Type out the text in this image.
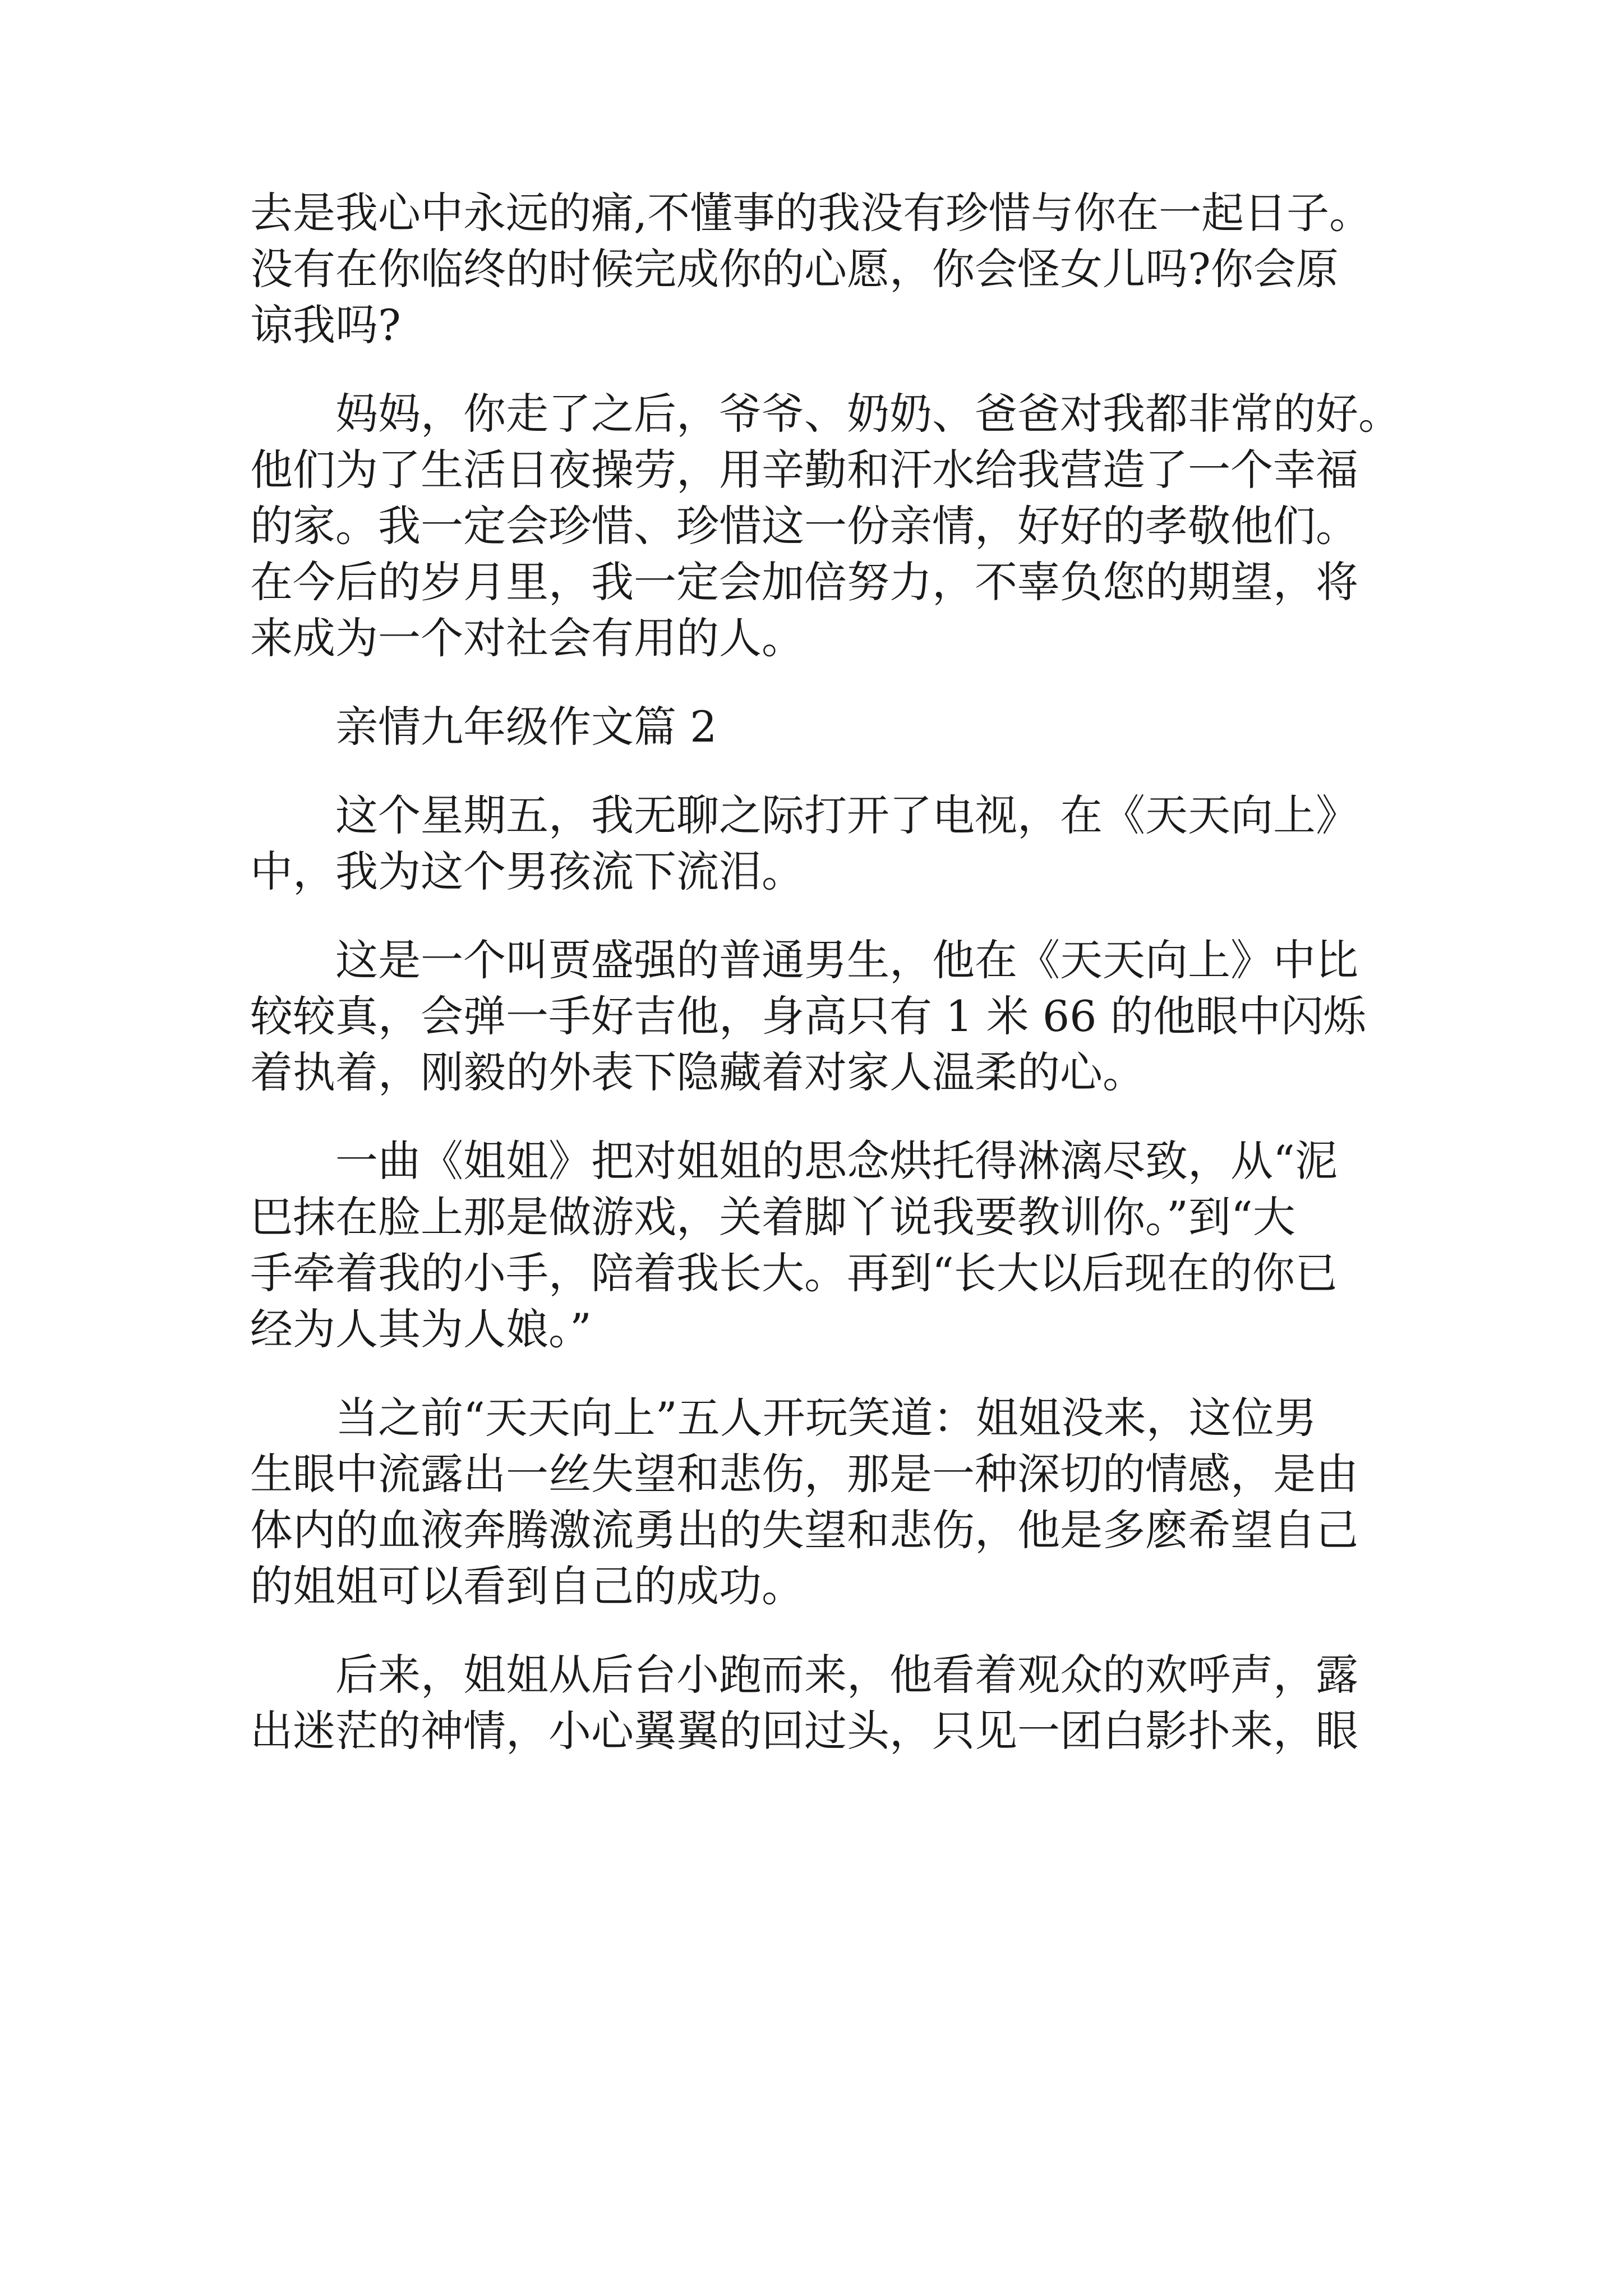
去是我心中永远的痛,不懂事的我没有珍惜与你在一起日子。
没有在你临终的时候完成你的心愿，你会怪女儿吗?你会原
谅我吗?
妈妈，你走了之后，爷爷、奶奶、爸爸对我都非常的好。
他们为了生活日夜操劳，用辛勤和汗水给我营造了一个幸福
的家。我一定会珍惜、珍惜这一份亲情，好好的孝敬他们。
在今后的岁月里，我一定会加倍努力，不辜负您的期望，将
来成为一个对社会有用的人。
亲情九年级作文篇 2
这个星期五，我无聊之际打开了电视，在《天天向上》
中，我为这个男孩流下流泪。
这是一个叫贾盛强的普通男生，他在《天天向上》中比
较较真，会弹一手好吉他，身高只有 1 米 66 的他眼中闪烁
着执着，刚毅的外表下隐藏着对家人温柔的心。
一曲《姐姐》把对姐姐的思念烘托得淋漓尽致，从“泥
巴抹在脸上那是做游戏，关着脚丫说我要教训你。”到“大
手牵着我的小手，陪着我长大。再到“长大以后现在的你已
经为人其为人娘。”
当之前“天天向上”五人开玩笑道：姐姐没来，这位男
生眼中流露出一丝失望和悲伤，那是一种深切的情感，是由
体内的血液奔腾激流勇出的失望和悲伤，他是多麽希望自己
的姐姐可以看到自己的成功。
后来，姐姐从后台小跑而来，他看着观众的欢呼声，露
出迷茫的神情，小心翼翼的回过头，只见一团白影扑来，眼
